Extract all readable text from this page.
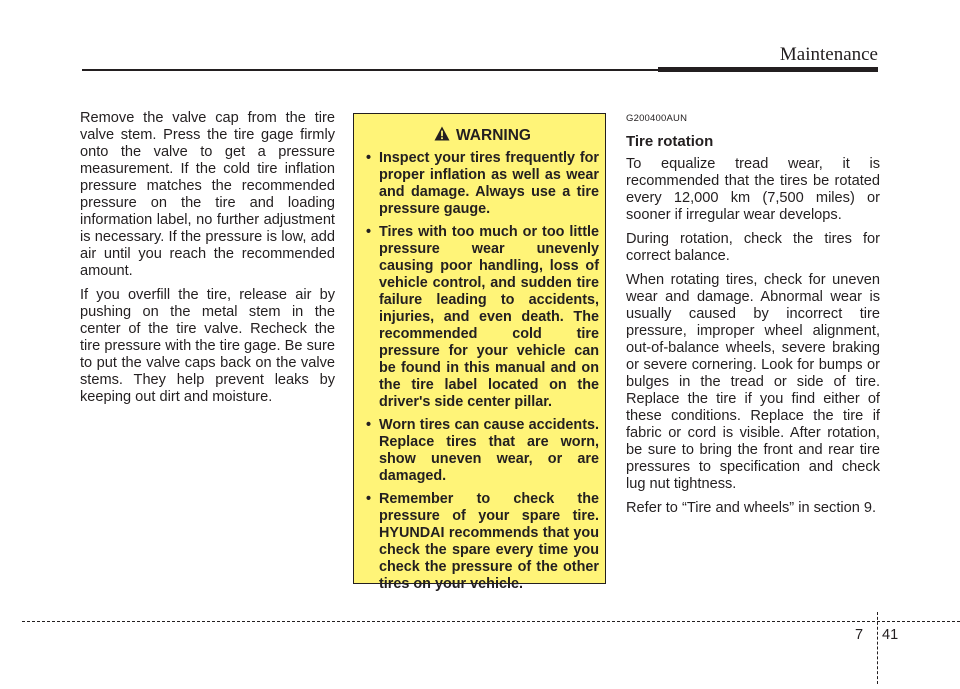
Maintenance

Remove the valve cap from the tire valve stem. Press the tire gage firmly onto the valve to get a pressure measurement. If the cold tire inflation pressure matches the recommended pressure on the tire and loading information label, no further adjustment is necessary. If the pressure is low, add air until you reach the recommended amount.

If you overfill the tire, release air by pushing on the metal stem in the center of the tire valve. Recheck the tire pressure with the tire gage. Be sure to put the valve caps back on the valve stems. They help prevent leaks by keeping out dirt and moisture.

WARNING
• Inspect your tires frequently for proper inflation as well as wear and damage. Always use a tire pressure gauge.
• Tires with too much or too little pressure wear unevenly causing poor handling, loss of vehicle control, and sudden tire failure leading to accidents, injuries, and even death. The recommended cold tire pressure for your vehicle can be found in this manual and on the tire label located on the driver's side center pillar.
• Worn tires can cause accidents. Replace tires that are worn, show uneven wear, or are damaged.
• Remember to check the pressure of your spare tire. HYUNDAI recommends that you check the spare every time you check the pressure of the other tires on your vehicle.
G200400AUN
Tire rotation

To equalize tread wear, it is recommended that the tires be rotated every 12,000 km (7,500 miles) or sooner if irregular wear develops.

During rotation, check the tires for correct balance.

When rotating tires, check for uneven wear and damage. Abnormal wear is usually caused by incorrect tire pressure, improper wheel alignment, out-of-balance wheels, severe braking or severe cornering. Look for bumps or bulges in the tread or side of tire. Replace the tire if you find either of these conditions. Replace the tire if fabric or cord is visible. After rotation, be sure to bring the front and rear tire pressures to specification and check lug nut tightness.

Refer to “Tire and wheels” in section 9.

7 41
